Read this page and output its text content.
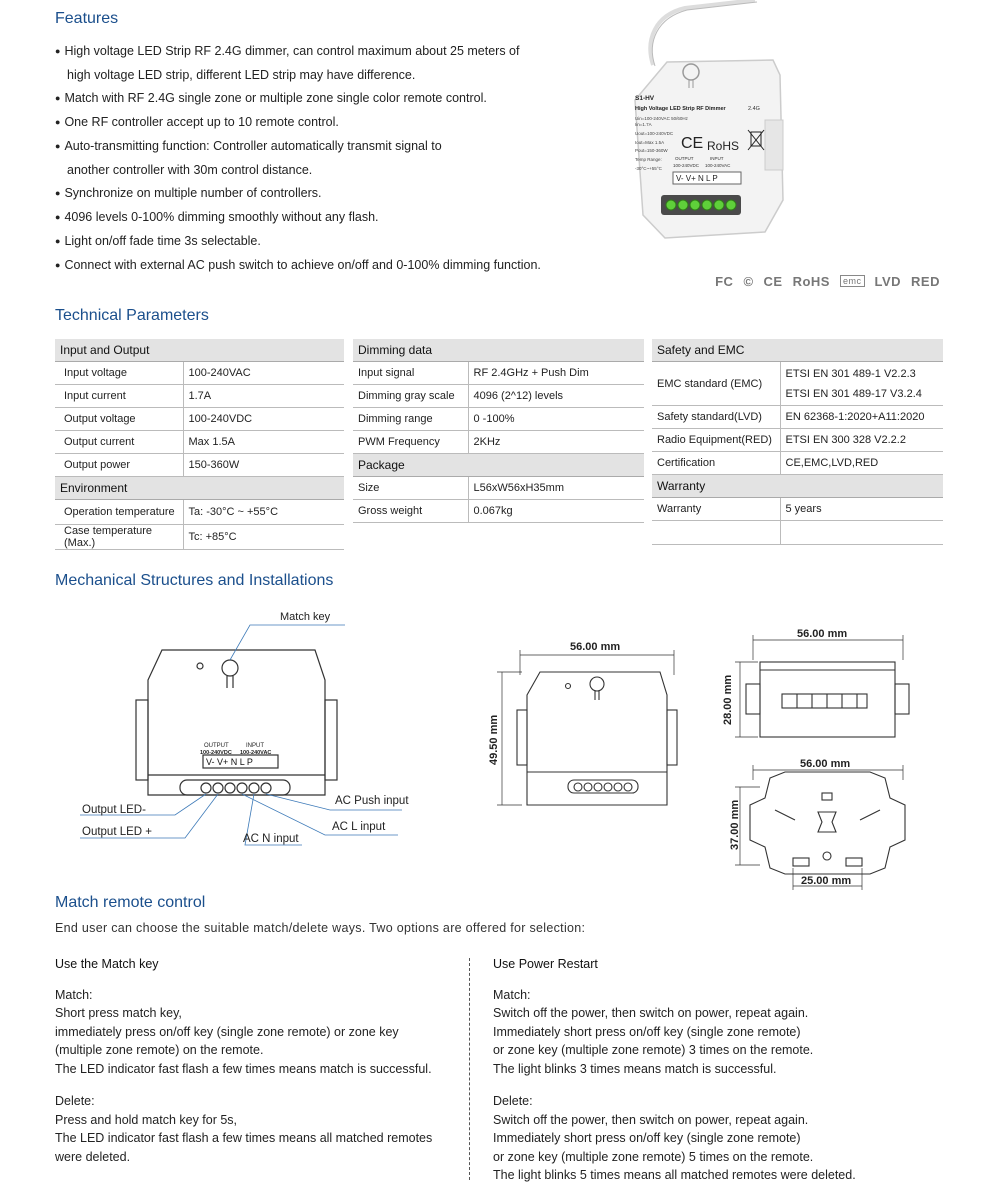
Features
● High voltage LED Strip RF 2.4G dimmer, can control maximum about 25 meters of
high voltage LED strip, different LED strip may have difference.
● Match with RF 2.4G single zone or multiple zone single color remote control.
● One RF controller accept up to 10 remote control.
● Auto-transmitting function: Controller automatically transmit signal to
another controller with 30m control distance.
● Synchronize on multiple number of controllers.
● 4096 levels 0-100% dimming smoothly without any flash.
● Light on/off fade time 3s selectable.
● Connect with external AC push switch to achieve on/off and 0-100% dimming function.
S1-HV
High Voltage LED Strip RF Dimmer	2.4G
Uin=100-240VAC 50/60Hz
Iin=1.7A
Uout=100-240VDC
Iout=Max 1.5A
Pout=150-360W
Temp Range:
-30°C~+55°C
CE RoHS
OUTPUT
100-240VDC
INPUT
100-240VAC
V- V+ N L P
FC © CE RoHS emc LVD RED
Technical Parameters
Input and Output	
Input voltage	100-240VAC
Input current	1.7A
Output voltage	100-240VDC
Output current	Max 1.5A
Output power	150-360W
Environment	
Operation temperature	Ta: -30°C ~ +55°C
Case temperature (Max.)	Tc: +85°C
Dimming data	
Input signal	RF 2.4GHz + Push Dim
Dimming gray scale	4096 (2^12) levels
Dimming range	0 -100%
PWM Frequency	2KHz
Package	
Size	L56xW56xH35mm
Gross weight	0.067kg
Safety and EMC	
EMC standard (EMC)	ETSI EN 301 489-1 V2.2.3
ETSI EN 301 489-17 V3.2.4
Safety standard(LVD)	EN 62368-1:2020+A11:2020
Radio Equipment(RED)	ETSI EN 300 328 V2.2.2
Certification	CE,EMC,LVD,RED
Warranty	
Warranty	5 years

Mechanical Structures and Installations
OUTPUT
100-240VDC
INPUT
100-240VAC
V- V+ N L P
Match key
Output LED-
Output LED +
AC N input
AC Push input
AC L input
56.00 mm
49.50 mm
56.00 mm
28.00 mm
56.00 mm
37.00 mm
25.00 mm
Match remote control
End user can choose the suitable match/delete ways. Two options are offered for selection:
Use the Match key

Match:

Short press match key,

immediately press on/off key (single zone remote) or zone key

(multiple zone remote) on the remote.

The LED indicator fast flash a few times means match is successful.

Delete:

Press and hold match key for 5s,

The LED indicator fast flash a few times means all matched remotes

were deleted.

Use Power Restart

Match:

Switch off the power, then switch on power, repeat again.

Immediately short press on/off key (single zone remote)

or zone key (multiple zone remote) 3 times on the remote.

The light blinks 3 times means match is successful.

Delete:

Switch off the power, then switch on power, repeat again.

Immediately short press on/off key (single zone remote)

or zone key (multiple zone remote) 5 times on the remote.

The light blinks 5 times means all matched remotes were deleted.
